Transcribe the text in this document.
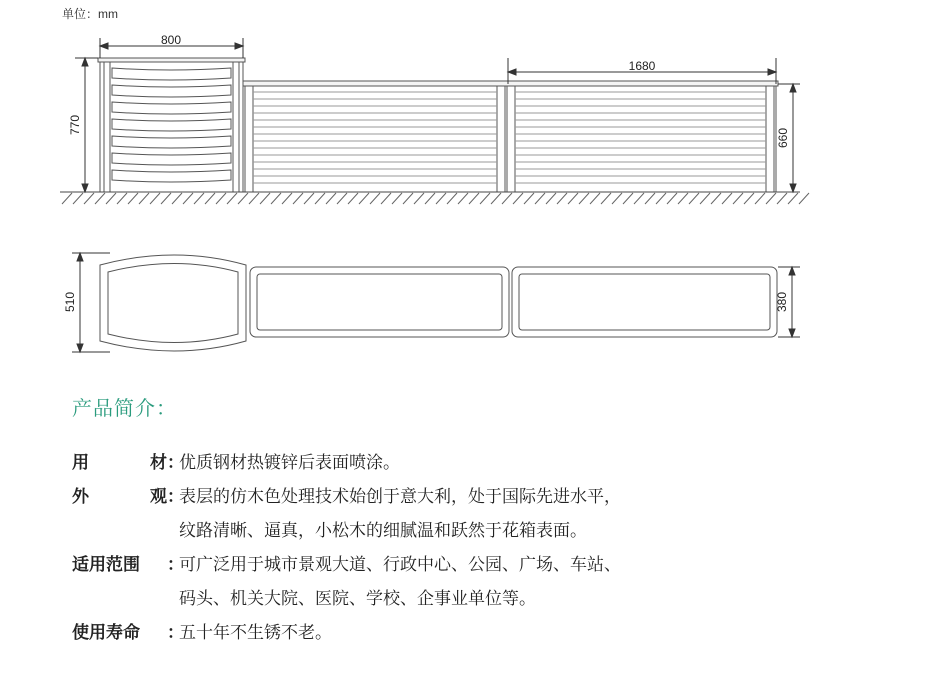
单位：mm
800
1680
770
660
510	380
产品简介：
用	材 ：
优质钢材热镀锌后表面喷涂。
外	观 ：
表层的仿木色处理技术始创于意大利，处于国际先进水平，
纹路清晰、逼真，小松木的细腻温和跃然于花箱表面。
适用范围	：
可广泛用于城市景观大道、行政中心、公园、广场、车站、
码头、机关大院、医院、学校、企事业单位等。
使用寿命	：
五十年不生锈不老。
